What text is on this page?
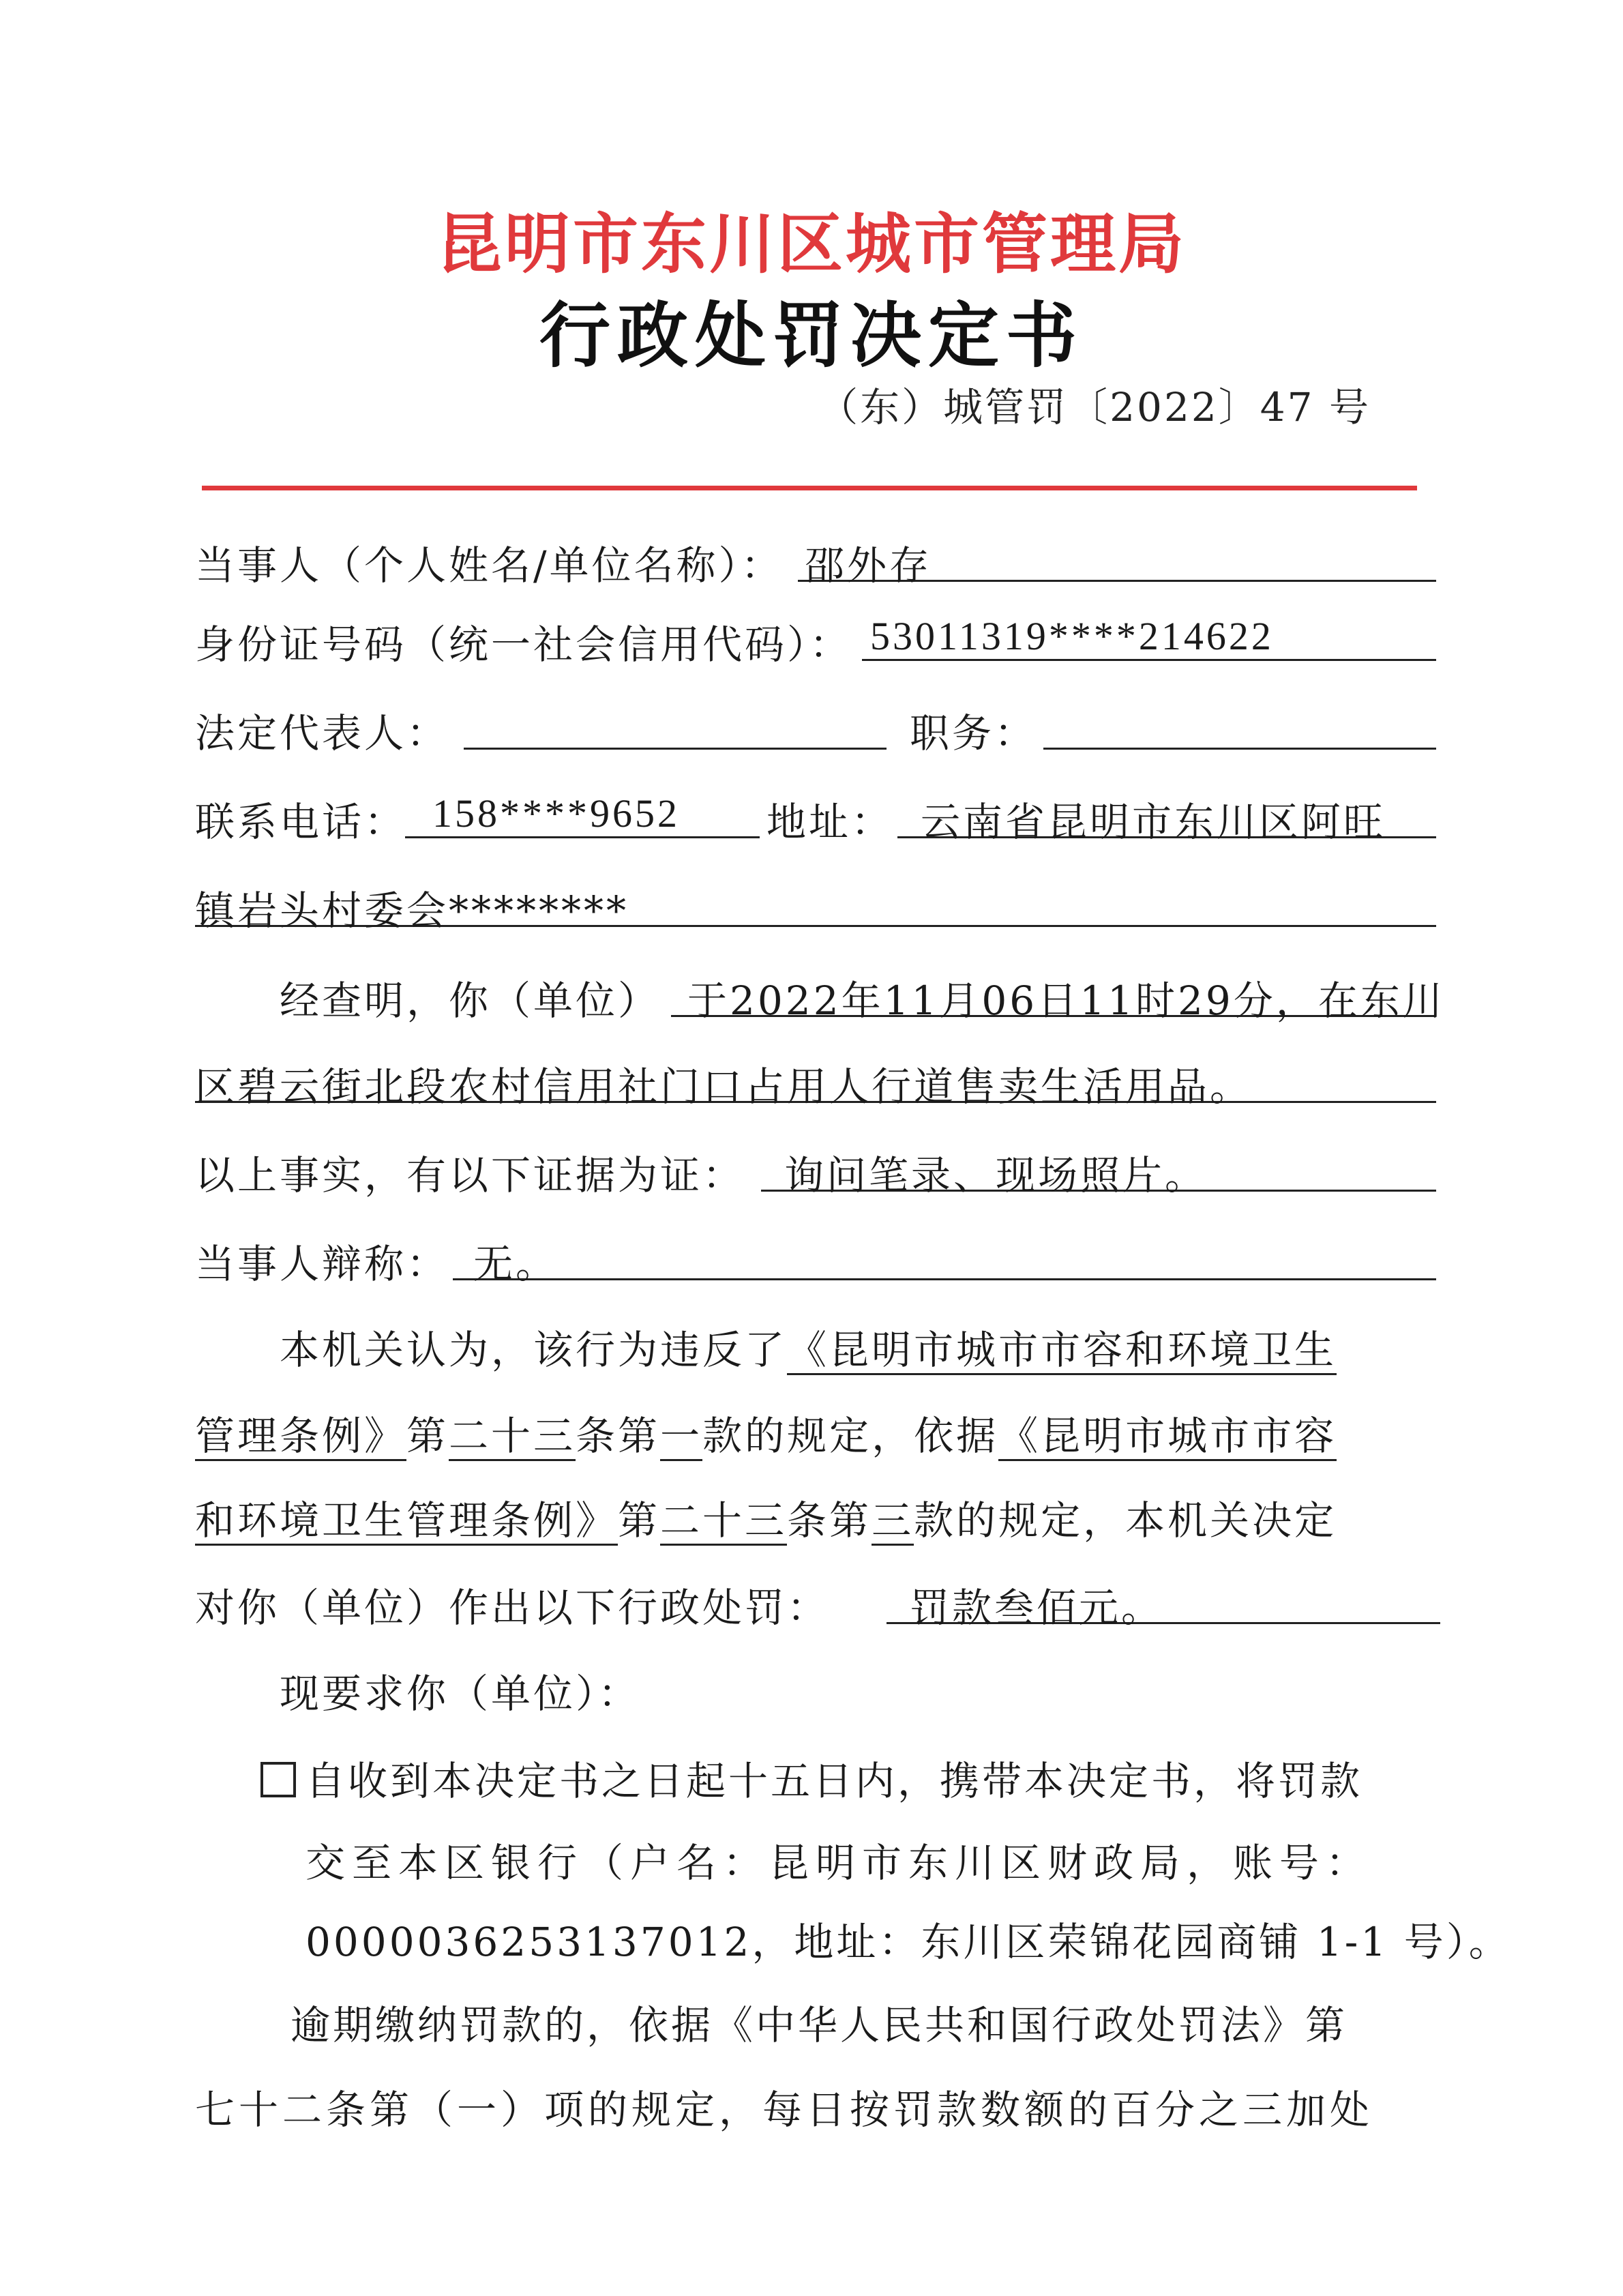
昆明市东川区城市管理局
行政处罚决定书
（东）城管罚〔2022〕47 号
当事人（个人姓名/单位名称）： 邵外存
身份证号码（统一社会信用代码）： 53011319****214622
法定代表人：	职务：
联系电话： 158****9652	地址： 云南省昆明市东川区阿旺
镇岩头村委会********
经查明，你（单位） 于2022年11月06日11时29分，在东川
区碧云街北段农村信用社门口占用人行道售卖生活用品。
以上事实，有以下证据为证： 询问笔录、现场照片。
当事人辩称： 无。
本机关认为，该行为违反了《昆明市城市市容和环境卫生
管理条例》第二十三条第一款的规定，依据《昆明市城市市容
和环境卫生管理条例》第二十三条第三款的规定，本机关决定
对你（单位）作出以下行政处罚：	罚款叁佰元。
现要求你（单位）：
自收到本决定书之日起十五日内，携带本决定书，将罚款
交至本区银行（户名：昆明市东川区财政局，账号：
0000036253137012，地址：东川区荣锦花园商铺 1-1 号）。
逾期缴纳罚款的，依据《中华人民共和国行政处罚法》第
七十二条第（一）项的规定，每日按罚款数额的百分之三加处
